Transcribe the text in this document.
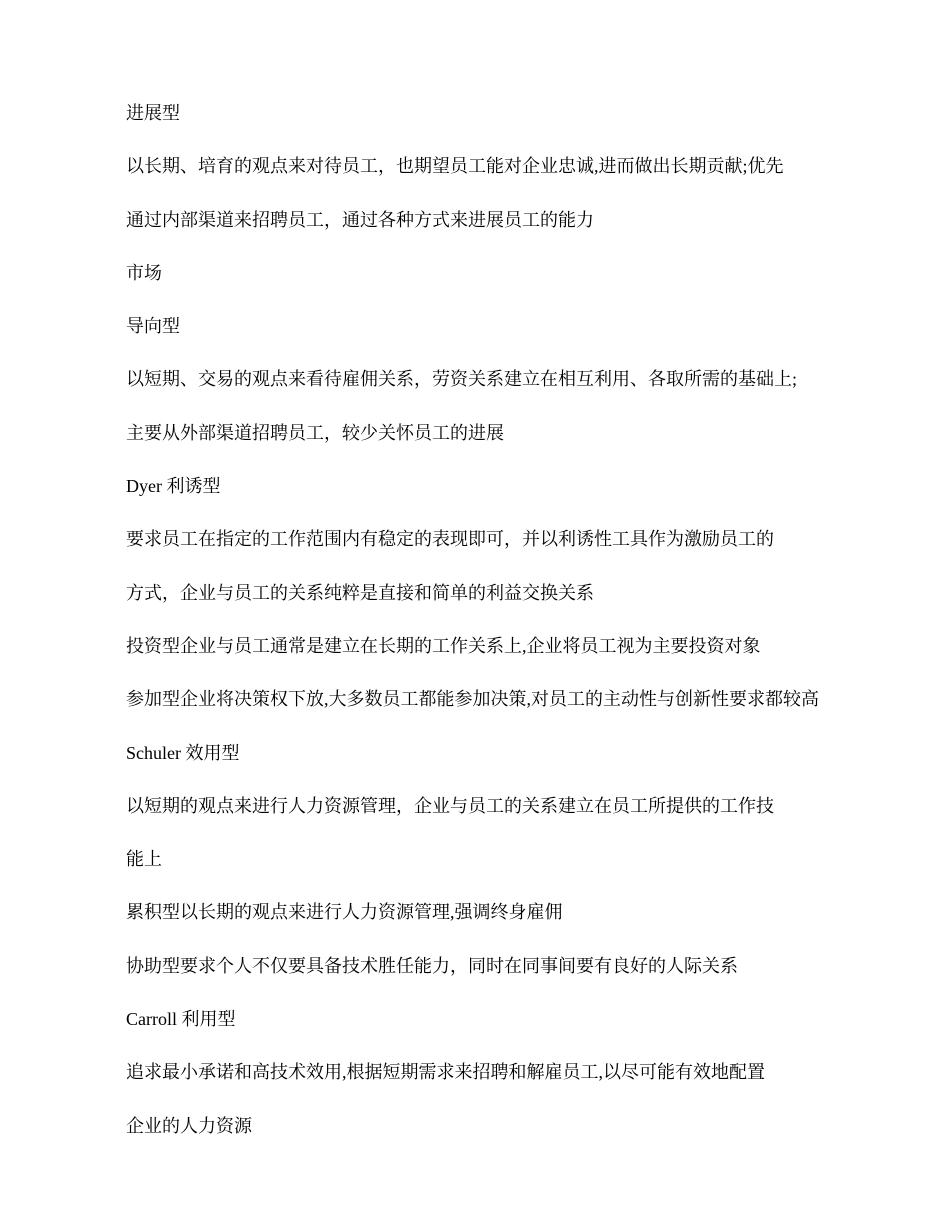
进展型

以长期、培育的观点来对待员工，也期望员工能对企业忠诚,进而做出长期贡献;优先

通过内部渠道来招聘员工，通过各种方式来进展员工的能力

市场

导向型

以短期、交易的观点来看待雇佣关系，劳资关系建立在相互利用、各取所需的基础上;

主要从外部渠道招聘员工，较少关怀员工的进展

Dyer 利诱型

要求员工在指定的工作范围内有稳定的表现即可，并以利诱性工具作为激励员工的

方式，企业与员工的关系纯粹是直接和简单的利益交换关系

投资型企业与员工通常是建立在长期的工作关系上,企业将员工视为主要投资对象

参加型企业将决策权下放,大多数员工都能参加决策,对员工的主动性与创新性要求都较高

Schuler 效用型

以短期的观点来进行人力资源管理，企业与员工的关系建立在员工所提供的工作技

能上

累积型以长期的观点来进行人力资源管理,强调终身雇佣

协助型要求个人不仅要具备技术胜任能力，同时在同事间要有良好的人际关系

Carroll 利用型

追求最小承诺和高技术效用,根据短期需求来招聘和解雇员工,以尽可能有效地配置

企业的人力资源
